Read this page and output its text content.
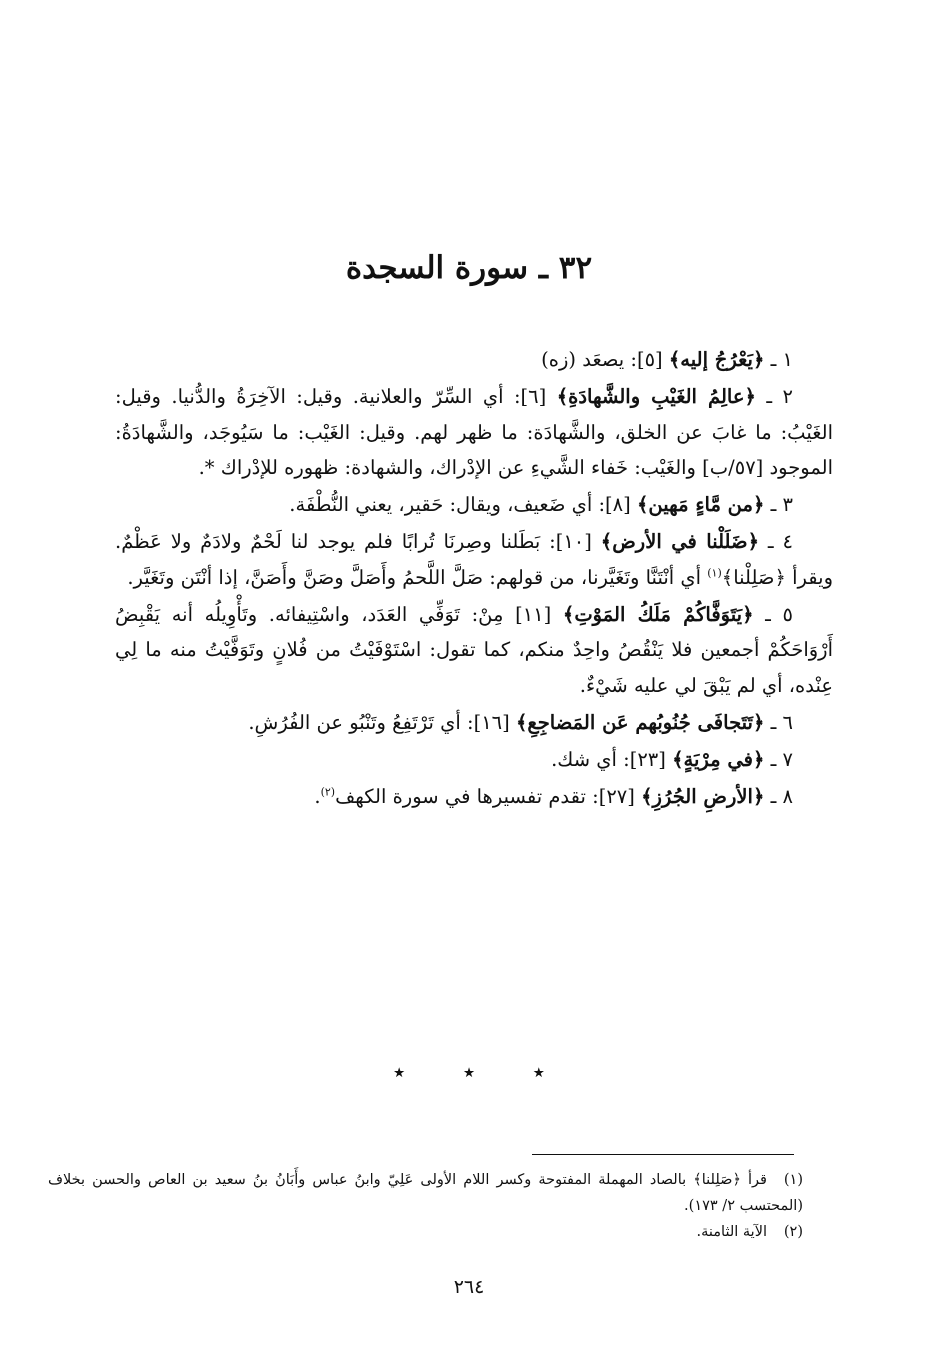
٣٢ ـ سورة السجدة

١ ـ ﴿يَعْرُجُ إليه﴾ [٥]: يصعَد (زه)

٢ ـ ﴿عالِمُ الغَيْبِ والشَّهادَةِ﴾ [٦]: أي السِّرّ والعلانية. وقيل: الآخِرَةُ والدُّنيا. وقيل: الغَيْبُ: ما غابَ عن الخلق، والشَّهادَة: ما ظهر لهم. وقيل: الغَيْب: ما سَيُوجَد، والشَّهادَةُ: الموجود [٥٧/ب] والغَيْب: خَفاء الشَّيءِ عن الإدْراك، والشهادة: ظهوره للإدْراك *.

٣ ـ ﴿من مَّاءٍ مَهين﴾ [٨]: أي ضَعيف، ويقال: حَقير، يعني النُّطْفَة.

٤ ـ ﴿ضَلَلْنا في الأرض﴾ [١٠]: بَطَلنا وصِرنَا تُرابًا فلم يوجد لنا لَحْمٌ ولادَمٌ ولا عَظْمٌ. ويقرأ ﴿صَلِلْنا﴾$^{(١)}$ أي أنْتَنَّا وتَغَيَّرنا، من قولهم: صَلَّ اللَّحمُ وأَصَلَّ وصَنَّ وأَصَنَّ، إذا أنْتَن وتَغَيَّر.

٥ ـ ﴿يَتَوَفَّاكُمْ مَلَكُ المَوْتِ﴾ [١١] مِنْ: تَوَفِّي العَدَد، واسْتِيفائه. وتَأْوِيلُه أنه يَقْبِضُ أَرْوَاحَكُمْ أجمعين فلا يَنْقُصُ واحِدٌ منكم، كما تقول: اسْتَوْفَيْتُ من فُلانٍ وتَوَفَّيْتُ منه ما لِي عِنْده، أي لم يَبْقَ لي عليه شَيْءٌ.

٦ ـ ﴿تَتَجافَى جُنُوبُهم عَن المَضاجِعِ﴾ [١٦]: أي تَرْتَفِعُ وتَنْبُو عن الفُرُشِ.

٧ ـ ﴿في مِرْيَةٍ﴾ [٢٣]: أي شك.

٨ ـ ﴿الأرضِ الجُرُزِ﴾ [٢٧]: تقدم تفسيرها في سورة الكهف$^{(٢)}$.

٭٭٭

(١)قرأ ﴿صَلِلنا﴾ بالصاد المهملة المفتوحة وكسر اللام الأولى عَلِيّ وابنُ عباس وأَبَانُ بنُ سعيد بن العاص والحسن بخلاف (المحتسب ٢/ ١٧٣).

(٢)الآية الثامنة.

٢٦٤
